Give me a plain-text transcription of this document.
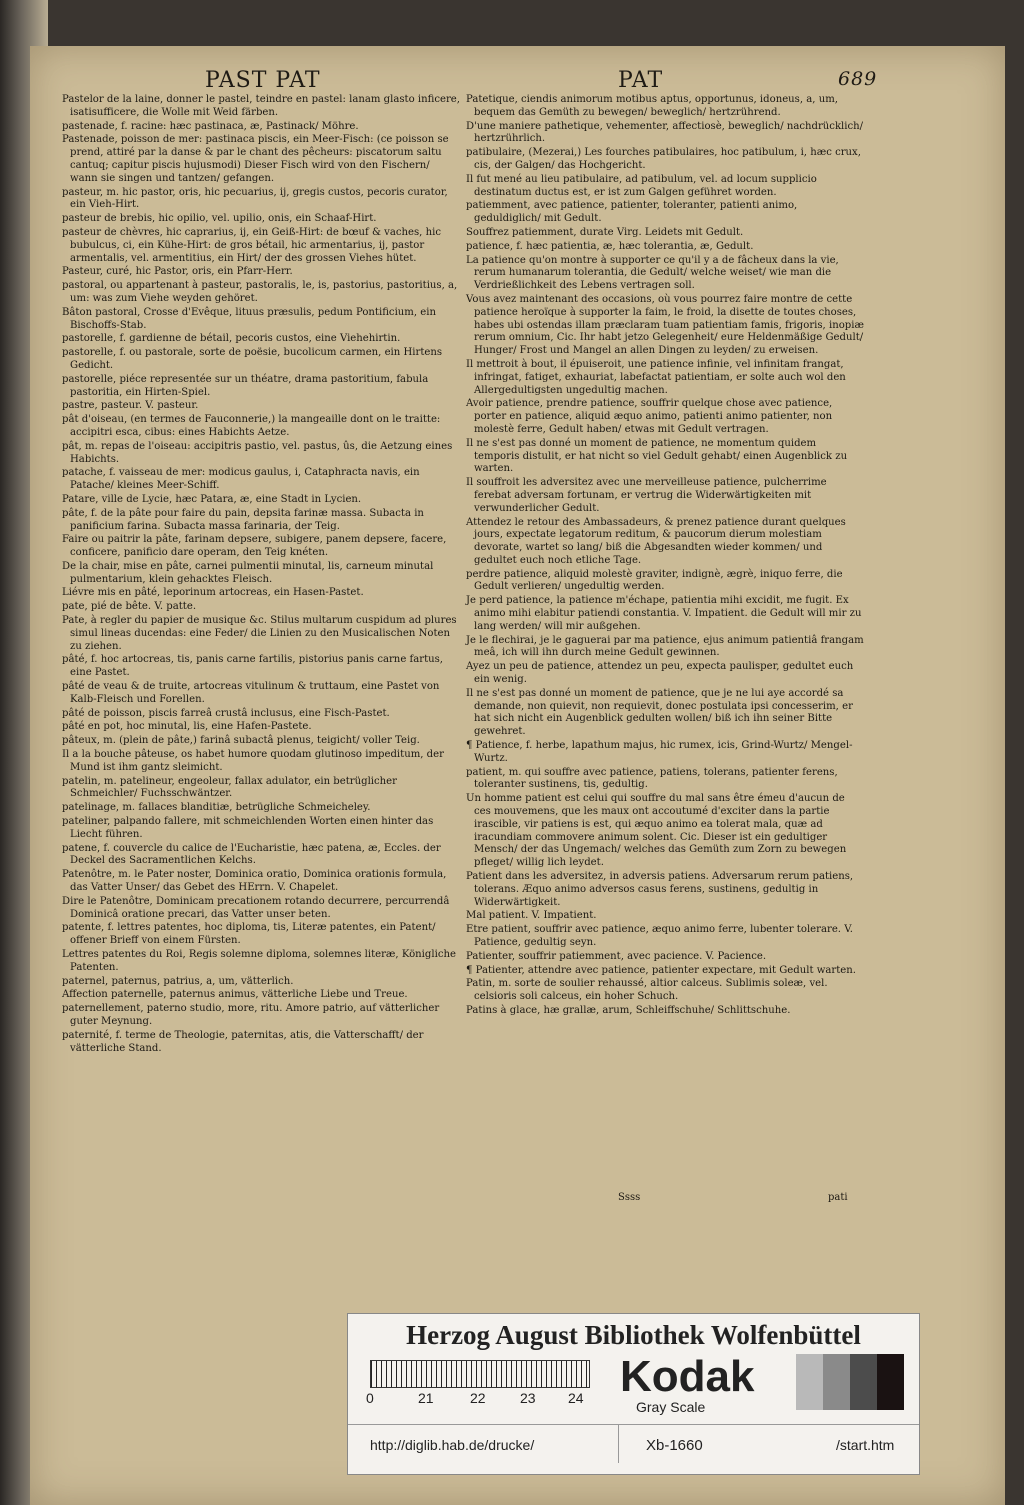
PAST PAT	PAT	689
Pastelor de la laine, donner le pastel, teindre en pastel: lanam glasto inficere, isatisufficere, die Wolle mit Weid färben.
pastenade, f. racine: hæc pastinaca, æ, Pastinack/ Möhre.
Pastenade, poisson de mer: pastinaca piscis, ein Meer-Fisch: (ce poisson se prend, attiré par la danse & par le chant des pêcheurs: piscatorum saltu cantuq; capitur piscis hujusmodi) Dieser Fisch wird von den Fischern/ wann sie singen und tantzen/ gefangen.
pasteur, m. hic pastor, oris, hic pecuarius, ij, gregis custos, pecoris curator, ein Vieh-Hirt.
pasteur de brebis, hic opilio, vel. upilio, onis, ein Schaaf-Hirt.
pasteur de chèvres, hic caprarius, ij, ein Geiß-Hirt: de bœuf & vaches, hic bubulcus, ci, ein Kühe-Hirt: de gros bétail, hic armentarius, ij, pastor armentalis, vel. armentitius, ein Hirt/ der des grossen Viehes hütet.
Pasteur, curé, hic Pastor, oris, ein Pfarr-Herr.
pastoral, ou appartenant à pasteur, pastoralis, le, is, pastorius, pastoritius, a, um: was zum Viehe weyden gehöret.
Bâton pastoral, Crosse d'Evêque, lituus præsulis, pedum Pontificium, ein Bischoffs-Stab.
pastorelle, f. gardienne de bétail, pecoris custos, eine Viehehirtin.
pastorelle, f. ou pastorale, sorte de poësie, bucolicum carmen, ein Hirtens Gedicht.
pastorelle, piéce representée sur un théatre, drama pastoritium, fabula pastoritia, ein Hirten-Spiel.
pastre, pasteur. V. pasteur.
pât d'oiseau, (en termes de Fauconnerie,) la mangeaille dont on le traitte: accipitri esca, cibus: eines Habichts Aetze.
pât, m. repas de l'oiseau: accipitris pastio, vel. pastus, ûs, die Aetzung eines Habichts.
patache, f. vaisseau de mer: modicus gaulus, i, Cataphracta navis, ein Patache/ kleines Meer-Schiff.
Patare, ville de Lycie, hæc Patara, æ, eine Stadt in Lycien.
pâte, f. de la pâte pour faire du pain, depsita farinæ massa. Subacta in panificium farina. Subacta massa farinaria, der Teig.
Faire ou paitrir la pâte, farinam depsere, subigere, panem depsere, facere, conficere, panificio dare operam, den Teig knéten.
De la chair, mise en pâte, carnei pulmentii minutal, lis, carneum minutal pulmentarium, klein gehacktes Fleisch.
Liévre mis en pâté, leporinum artocreas, ein Hasen-Pastet.
pate, pié de bête. V. patte.
Pate, à regler du papier de musique &c. Stilus multarum cuspidum ad plures simul lineas ducendas: eine Feder/ die Linien zu den Musicalischen Noten zu ziehen.
pâté, f. hoc artocreas, tis, panis carne fartilis, pistorius panis carne fartus, eine Pastet.
pâté de veau & de truite, artocreas vitulinum & truttaum, eine Pastet von Kalb-Fleisch und Forellen.
pâté de poisson, piscis farreâ crustâ inclusus, eine Fisch-Pastet.
pâté en pot, hoc minutal, lis, eine Hafen-Pastete.
pâteux, m. (plein de pâte,) farinâ subactâ plenus, teigicht/ voller Teig.
Il a la bouche pâteuse, os habet humore quodam glutinoso impeditum, der Mund ist ihm gantz sleimicht.
patelin, m. patelineur, engeoleur, fallax adulator, ein betrüglicher Schmeichler/ Fuchsschwäntzer.
patelinage, m. fallaces blanditiæ, betrügliche Schmeicheley.
pateliner, palpando fallere, mit schmeichlenden Worten einen hinter das Liecht führen.
patene, f. couvercle du calice de l'Eucharistie, hæc patena, æ, Eccles. der Deckel des Sacramentlichen Kelchs.
Patenôtre, m. le Pater noster, Dominica oratio, Dominica orationis formula, das Vatter Unser/ das Gebet des HErrn. V. Chapelet.
Dire le Patenôtre, Dominicam precationem rotando decurrere, percurrendâ Dominicâ oratione precari, das Vatter unser beten.
patente, f. lettres patentes, hoc diploma, tis, Literæ patentes, ein Patent/ offener Brieff von einem Fürsten.
Lettres patentes du Roi, Regis solemne diploma, solemnes literæ, Königliche Patenten.
paternel, paternus, patrius, a, um, vätterlich.
Affection paternelle, paternus animus, vätterliche Liebe und Treue.
paternellement, paterno studio, more, ritu. Amore patrio, auf vätterlicher guter Meynung.
paternité, f. terme de Theologie, paternitas, atis, die Vatterschafft/ der vätterliche Stand.
Patetique, ciendis animorum motibus aptus, opportunus, idoneus, a, um, bequem das Gemüth zu bewegen/ beweglich/ hertzrührend.
D'une maniere pathetique, vehementer, affectiosè, beweglich/ nachdrücklich/ hertzrührlich.
patibulaire, (Mezerai,) Les fourches patibulaires, hoc patibulum, i, hæc crux, cis, der Galgen/ das Hochgericht.
Il fut mené au lieu patibulaire, ad patibulum, vel. ad locum supplicio destinatum ductus est, er ist zum Galgen geführet worden.
patiemment, avec patience, patienter, toleranter, patienti animo, geduldiglich/ mit Gedult.
Souffrez patiemment, durate Virg. Leidets mit Gedult.
patience, f. hæc patientia, æ, hæc tolerantia, æ, Gedult.
La patience qu'on montre à supporter ce qu'il y a de fâcheux dans la vie, rerum humanarum tolerantia, die Gedult/ welche weiset/ wie man die Verdrießlichkeit des Lebens vertragen soll.
Vous avez maintenant des occasions, où vous pourrez faire montre de cette patience heroïque à supporter la faim, le froid, la disette de toutes choses, habes ubi ostendas illam præclaram tuam patientiam famis, frigoris, inopiæ rerum omnium, Cic. Ihr habt jetzo Gelegenheit/ eure Heldenmäßige Gedult/ Hunger/ Frost und Mangel an allen Dingen zu leyden/ zu erweisen.
Il mettroit à bout, il épuiseroit, une patience infinie, vel infinitam frangat, infringat, fatiget, exhauriat, labefactat patientiam, er solte auch wol den Allergedultigsten ungedultig machen.
Avoir patience, prendre patience, souffrir quelque chose avec patience, porter en patience, aliquid æquo animo, patienti animo patienter, non molestè ferre, Gedult haben/ etwas mit Gedult vertragen.
Il ne s'est pas donné un moment de patience, ne momentum quidem temporis distulit, er hat nicht so viel Gedult gehabt/ einen Augenblick zu warten.
Il souffroit les adversitez avec une merveilleuse patience, pulcherrime ferebat adversam fortunam, er vertrug die Widerwärtigkeiten mit verwunderlicher Gedult.
Attendez le retour des Ambassadeurs, & prenez patience durant quelques jours, expectate legatorum reditum, & paucorum dierum molestiam devorate, wartet so lang/ biß die Abgesandten wieder kommen/ und gedultet euch noch etliche Tage.
perdre patience, aliquid molestè graviter, indignè, ægrè, iniquo ferre, die Gedult verlieren/ ungedultig werden.
Je perd patience, la patience m'échape, patientia mihi excidit, me fugit. Ex animo mihi elabitur patiendi constantia. V. Impatient. die Gedult will mir zu lang werden/ will mir außgehen.
Je le flechirai, je le gaguerai par ma patience, ejus animum patientiâ frangam meâ, ich will ihn durch meine Gedult gewinnen.
Ayez un peu de patience, attendez un peu, expecta paulisper, gedultet euch ein wenig.
Il ne s'est pas donné un moment de patience, que je ne lui aye accordé sa demande, non quievit, non requievit, donec postulata ipsi concesserim, er hat sich nicht ein Augenblick gedulten wollen/ biß ich ihn seiner Bitte gewehret.
¶ Patience, f. herbe, lapathum majus, hic rumex, icis, Grind-Wurtz/ Mengel-Wurtz.
patient, m. qui souffre avec patience, patiens, tolerans, patienter ferens, toleranter sustinens, tis, gedultig.
Un homme patient est celui qui souffre du mal sans être émeu d'aucun de ces mouvemens, que les maux ont accoutumé d'exciter dans la partie irascible, vir patiens is est, qui æquo animo ea tolerat mala, quæ ad iracundiam commovere animum solent. Cic. Dieser ist ein gedultiger Mensch/ der das Ungemach/ welches das Gemüth zum Zorn zu bewegen pfleget/ willig lich leydet.
Patient dans les adversitez, in adversis patiens. Adversarum rerum patiens, tolerans. Æquo animo adversos casus ferens, sustinens, gedultig in Widerwärtigkeit.
Mal patient. V. Impatient.
Etre patient, souffrir avec patience, æquo animo ferre, lubenter tolerare. V. Patience, gedultig seyn.
Patienter, souffrir patiemment, avec pacience. V. Pacience.
¶ Patienter, attendre avec patience, patienter expectare, mit Gedult warten.
Patin, m. sorte de soulier rehaussé, altior calceus. Sublimis soleæ, vel. celsioris soli calceus, ein hoher Schuch.
Patins à glace, hæ grallæ, arum, Schleiffschuhe/ Schlittschuhe.
Ssss	pati
Herzog August Bibliothek Wolfenbüttel
0	21	22 23 24 Kodak
Gray Scale
http://diglib.hab.de/drucke/	Xb-1660	/start.htm
